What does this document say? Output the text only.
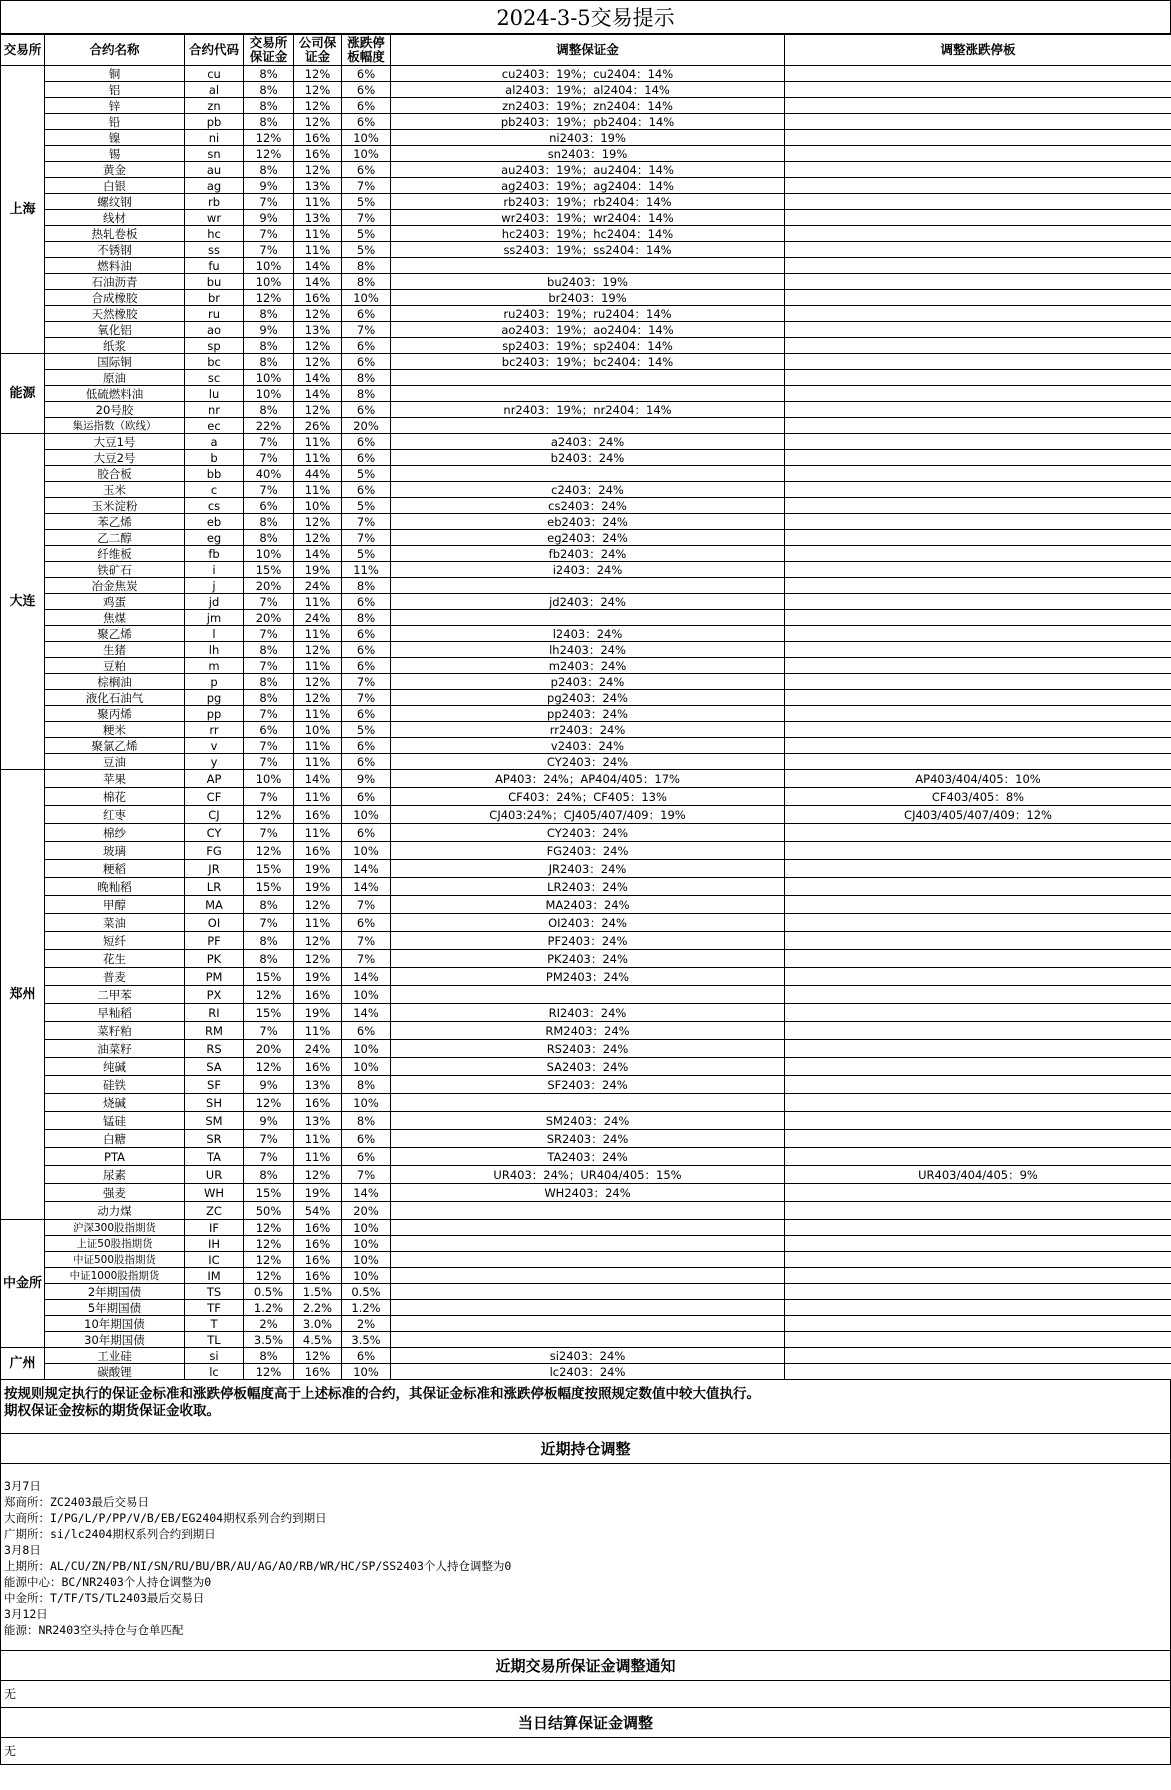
2024-3-5交易提示
交易所	合约名称	合约代码	交易所保证金	公司保证金	涨跌停板幅度	调整保证金	调整涨跌停板
上海	铜	cu	8%	12%	6%	cu2403：19%；cu2404：14%	
	铝	al	8%	12%	6%	al2403：19%；al2404：14%	
	锌	zn	8%	12%	6%	zn2403：19%；zn2404：14%	
	铅	pb	8%	12%	6%	pb2403：19%；pb2404：14%	
	镍	ni	12%	16%	10%	ni2403：19%	
	锡	sn	12%	16%	10%	sn2403：19%	
	黄金	au	8%	12%	6%	au2403：19%；au2404：14%	
	白银	ag	9%	13%	7%	ag2403：19%；ag2404：14%	
	螺纹钢	rb	7%	11%	5%	rb2403：19%；rb2404：14%	
	线材	wr	9%	13%	7%	wr2403：19%；wr2404：14%	
	热轧卷板	hc	7%	11%	5%	hc2403：19%；hc2404：14%	
	不锈钢	ss	7%	11%	5%	ss2403：19%；ss2404：14%	
	燃料油	fu	10%	14%	8%		
	石油沥青	bu	10%	14%	8%	bu2403：19%	
	合成橡胶	br	12%	16%	10%	br2403：19%	
	天然橡胶	ru	8%	12%	6%	ru2403：19%；ru2404：14%	
	氧化铝	ao	9%	13%	7%	ao2403：19%；ao2404：14%	
	纸浆	sp	8%	12%	6%	sp2403：19%；sp2404：14%	
能源	国际铜	bc	8%	12%	6%	bc2403：19%；bc2404：14%	
	原油	sc	10%	14%	8%		
	低硫燃料油	lu	10%	14%	8%		
	20号胶	nr	8%	12%	6%	nr2403：19%；nr2404：14%	
	集运指数（欧线）	ec	22%	26%	20%		
大连	大豆1号	a	7%	11%	6%	a2403：24%	
	大豆2号	b	7%	11%	6%	b2403：24%	
	胶合板	bb	40%	44%	5%		
	玉米	c	7%	11%	6%	c2403：24%	
	玉米淀粉	cs	6%	10%	5%	cs2403：24%	
	苯乙烯	eb	8%	12%	7%	eb2403：24%	
	乙二醇	eg	8%	12%	7%	eg2403：24%	
	纤维板	fb	10%	14%	5%	fb2403：24%	
	铁矿石	i	15%	19%	11%	i2403：24%	
	冶金焦炭	j	20%	24%	8%		
	鸡蛋	jd	7%	11%	6%	jd2403：24%	
	焦煤	jm	20%	24%	8%		
	聚乙烯	l	7%	11%	6%	l2403：24%	
	生猪	lh	8%	12%	6%	lh2403：24%	
	豆粕	m	7%	11%	6%	m2403：24%	
	棕榈油	p	8%	12%	7%	p2403：24%	
	液化石油气	pg	8%	12%	7%	pg2403：24%	
	聚丙烯	pp	7%	11%	6%	pp2403：24%	
	粳米	rr	6%	10%	5%	rr2403：24%	
	聚氯乙烯	v	7%	11%	6%	v2403：24%	
	豆油	y	7%	11%	6%	CY2403：24%	
郑州	苹果	AP	10%	14%	9%	AP403：24%；AP404/405：17%	AP403/404/405：10%
	棉花	CF	7%	11%	6%	CF403：24%；CF405：13%	CF403/405：8%
	红枣	CJ	12%	16%	10%	CJ403:24%；CJ405/407/409：19%	CJ403/405/407/409：12%
	棉纱	CY	7%	11%	6%	CY2403：24%	
	玻璃	FG	12%	16%	10%	FG2403：24%	
	粳稻	JR	15%	19%	14%	JR2403：24%	
	晚籼稻	LR	15%	19%	14%	LR2403：24%	
	甲醇	MA	8%	12%	7%	MA2403：24%	
	菜油	OI	7%	11%	6%	OI2403：24%	
	短纤	PF	8%	12%	7%	PF2403：24%	
	花生	PK	8%	12%	7%	PK2403：24%	
	普麦	PM	15%	19%	14%	PM2403：24%	
	二甲苯	PX	12%	16%	10%		
	早籼稻	RI	15%	19%	14%	RI2403：24%	
	菜籽粕	RM	7%	11%	6%	RM2403：24%	
	油菜籽	RS	20%	24%	10%	RS2403：24%	
	纯碱	SA	12%	16%	10%	SA2403：24%	
	硅铁	SF	9%	13%	8%	SF2403：24%	
	烧碱	SH	12%	16%	10%		
	锰硅	SM	9%	13%	8%	SM2403：24%	
	白糖	SR	7%	11%	6%	SR2403：24%	
	PTA	TA	7%	11%	6%	TA2403：24%	
	尿素	UR	8%	12%	7%	UR403：24%；UR404/405：15%	UR403/404/405：9%
	强麦	WH	15%	19%	14%	WH2403：24%	
	动力煤	ZC	50%	54%	20%		
中金所	沪深300股指期货	IF	12%	16%	10%		
	上证50股指期货	IH	12%	16%	10%		
	中证500股指期货	IC	12%	16%	10%		
	中证1000股指期货	IM	12%	16%	10%		
	2年期国债	TS	0.5%	1.5%	0.5%		
	5年期国债	TF	1.2%	2.2%	1.2%		
	10年期国债	T	2%	3.0%	2%		
	30年期国债	TL	3.5%	4.5%	3.5%		
广州	工业硅	si	8%	12%	6%	si2403：24%	
	碳酸锂	lc	12%	16%	10%	lc2403：24%	
按规则规定执行的保证金标准和涨跌停板幅度高于上述标准的合约，其保证金标准和涨跌停板幅度按照规定数值中较大值执行。
期权保证金按标的期货保证金收取。
近期持仓调整
3月7日
郑商所：ZC2403最后交易日
大商所：I/PG/L/P/PP/V/B/EB/EG2404期权系列合约到期日
广期所：si/lc2404期权系列合约到期日
3月8日
上期所：AL/CU/ZN/PB/NI/SN/RU/BU/BR/AU/AG/AO/RB/WR/HC/SP/SS2403个人持仓调整为0
能源中心：BC/NR2403个人持仓调整为0
中金所：T/TF/TS/TL2403最后交易日
3月12日
能源：NR2403空头持仓与仓单匹配
近期交易所保证金调整通知
无
当日结算保证金调整
无
